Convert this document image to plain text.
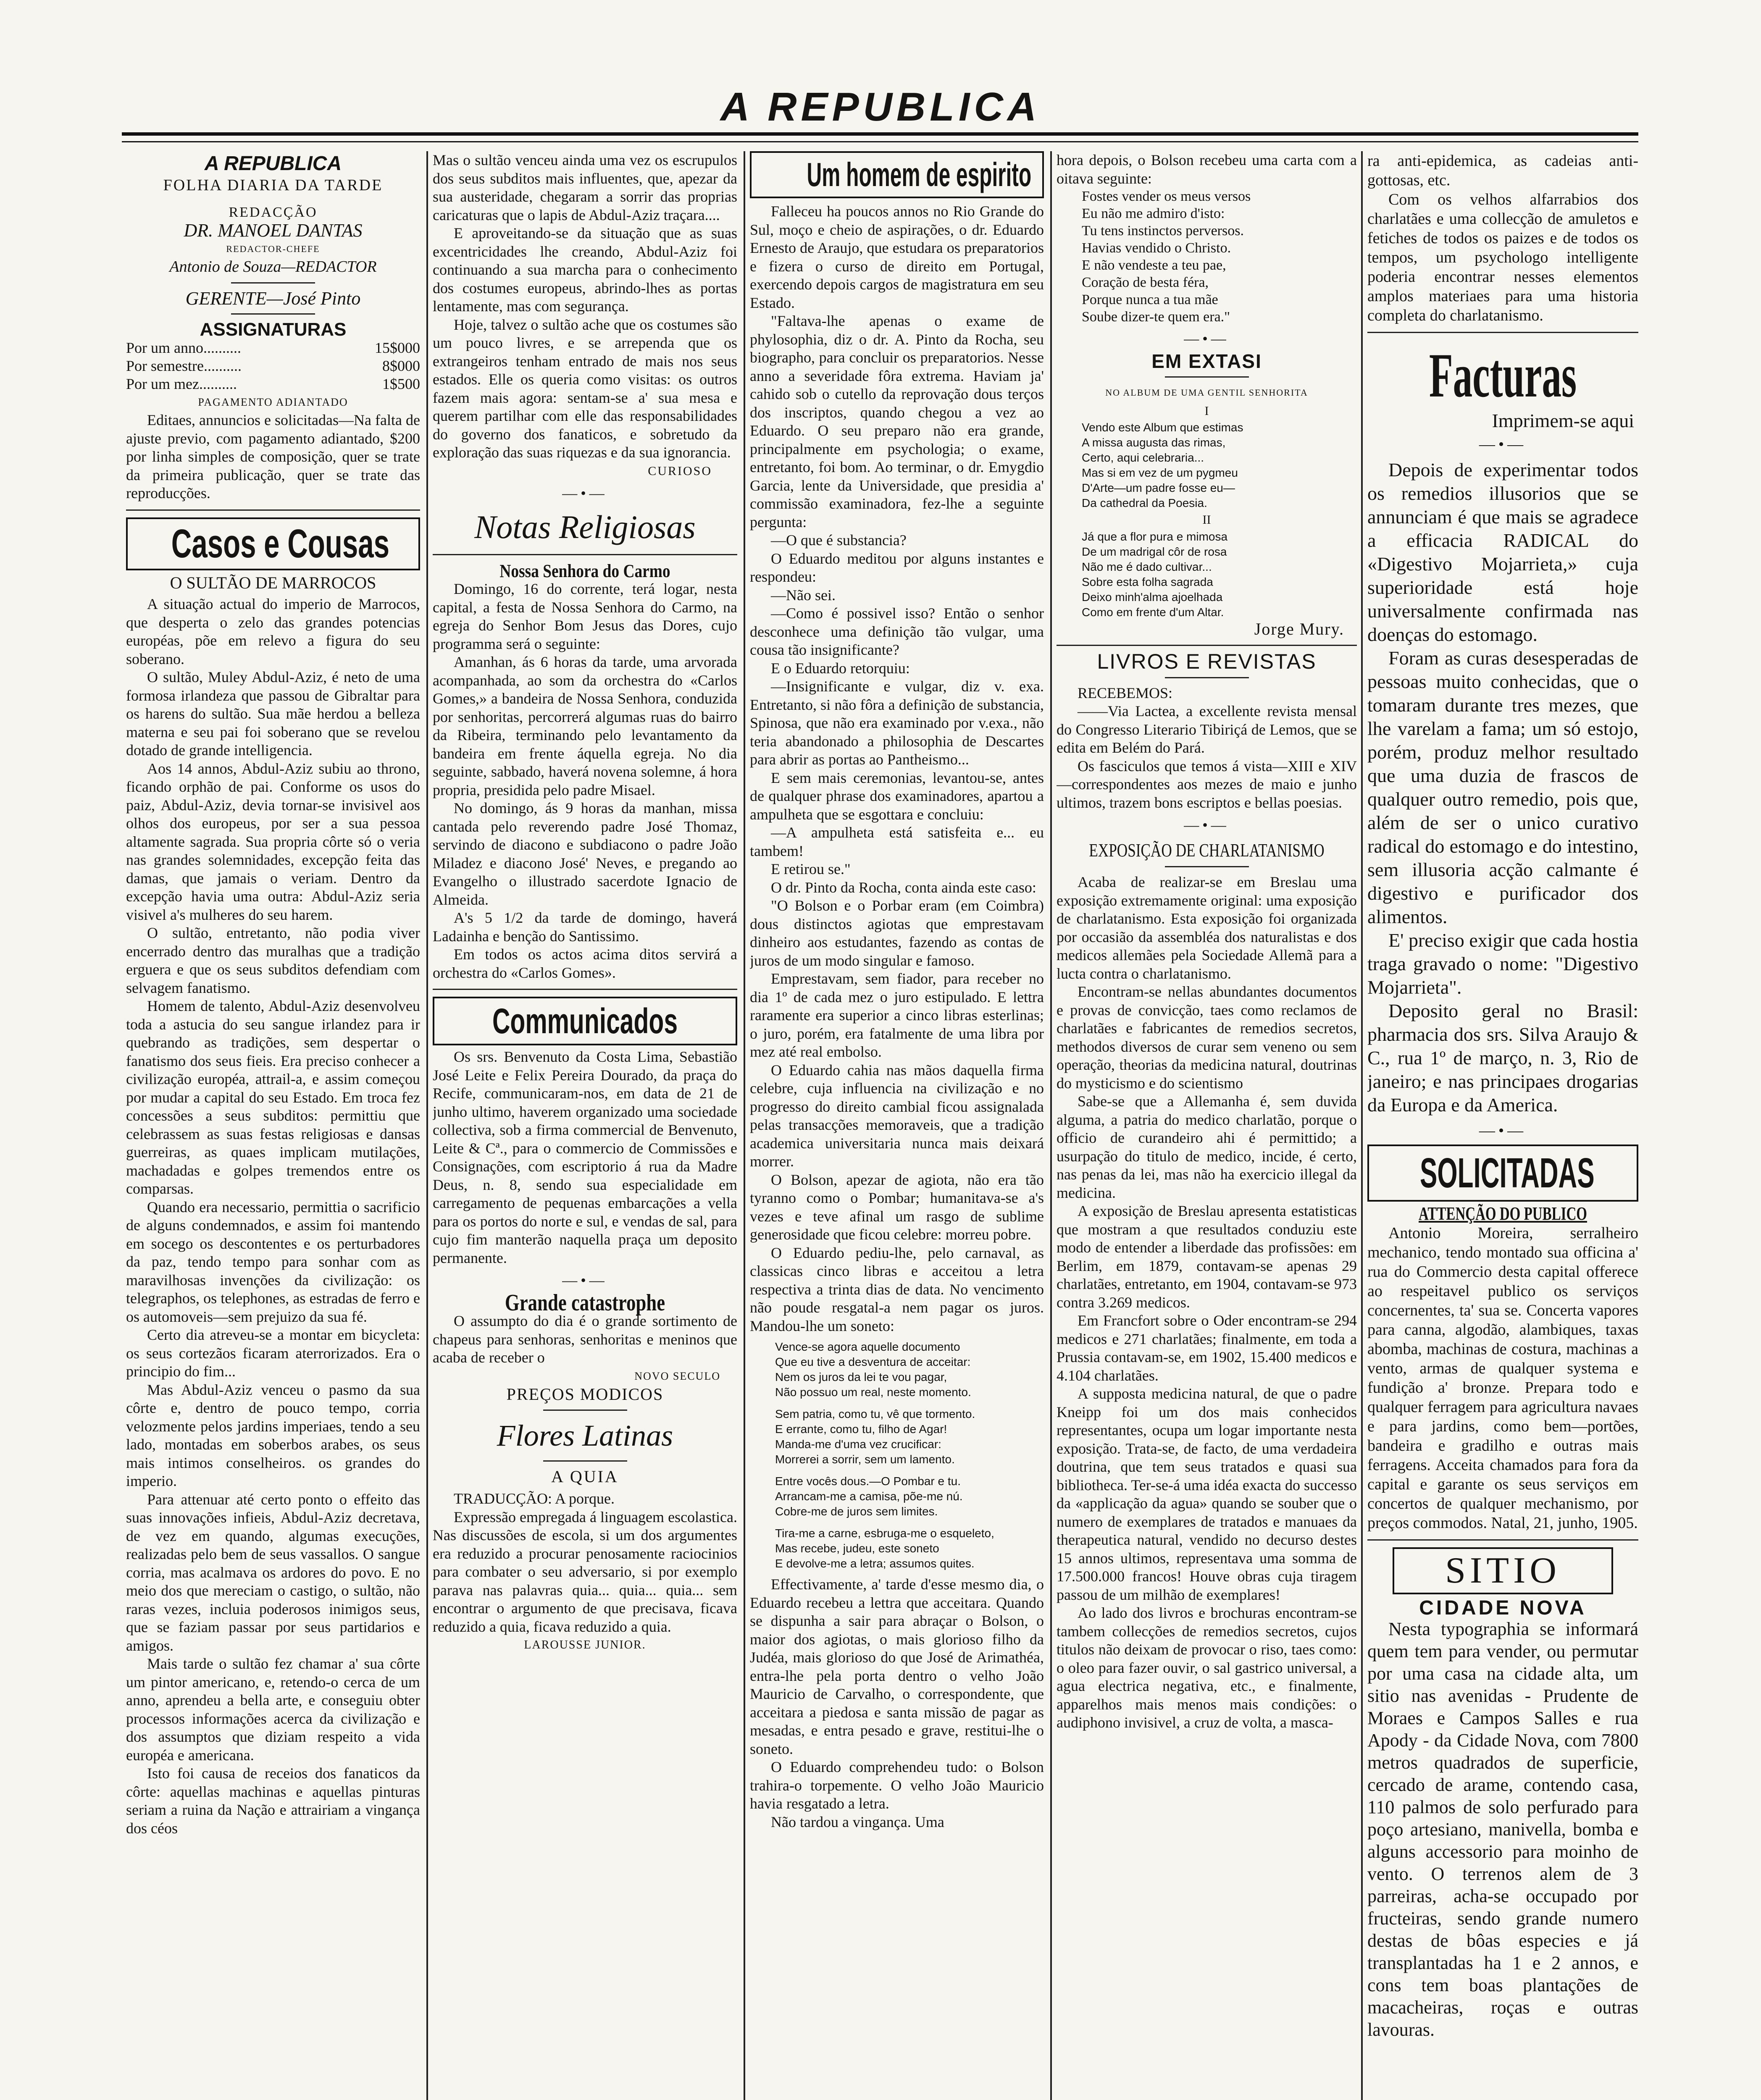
A REPUBLICA
A REPUBLICA
FOLHA DIARIA DA TARDE
REDACÇÃO
DR. MANOEL DANTAS
REDACTOR-CHEFE
Antonio de Souza—REDACTOR
GERENTE—José Pinto
ASSIGNATURAS
Por um anno..........	15$000
Por semestre..........	8$000
Por um mez..........	1$500
PAGAMENTO ADIANTADO

Editaes, annuncios e solicitadas—Na falta de ajuste previo, com pagamento adiantado, $200 por linha simples de composição, quer se trate da primeira publicação, quer se trate das reproducções.

Casos e Cousas
O SULTÃO DE MARROCOS

A situação actual do imperio de Marrocos, que desperta o zelo das grandes potencias européas, põe em relevo a figura do seu soberano.

O sultão, Muley Abdul-Aziz, é neto de uma formosa irlandeza que passou de Gibraltar para os harens do sultão. Sua mãe herdou a belleza materna e seu pai foi soberano que se revelou dotado de grande intelligencia.

Aos 14 annos, Abdul-Aziz subiu ao throno, ficando orphão de pai. Conforme os usos do paiz, Abdul-Aziz, devia tornar-se invisivel aos olhos dos europeus, por ser a sua pessoa altamente sagrada. Sua propria côrte só o veria nas grandes solemnidades, excepção feita das damas, que jamais o veriam. Dentro da excepção havia uma outra: Abdul-Aziz seria visivel a's mulheres do seu harem.

O sultão, entretanto, não podia viver encerrado dentro das muralhas que a tradição erguera e que os seus subditos defendiam com selvagem fanatismo.

Homem de talento, Abdul-Aziz desenvolveu toda a astucia do seu sangue irlandez para ir quebrando as tradições, sem despertar o fanatismo dos seus fieis. Era preciso conhecer a civilização européa, attrail-a, e assim começou por mudar a capital do seu Estado. Em troca fez concessões a seus subditos: permittiu que celebrassem as suas festas religiosas e dansas guerreiras, as quaes implicam mutilações, machadadas e golpes tremendos entre os comparsas.

Quando era necessario, permittia o sacrificio de alguns condemnados, e assim foi mantendo em socego os descontentes e os perturbadores da paz, tendo tempo para sonhar com as maravilhosas invenções da civilização: os telegraphos, os telephones, as estradas de ferro e os automoveis—sem prejuizo da sua fé.

Certo dia atreveu-se a montar em bicycleta: os seus cortezãos ficaram aterrorizados. Era o principio do fim...

Mas Abdul-Aziz venceu o pasmo da sua côrte e, dentro de pouco tempo, corria velozmente pelos jardins imperiaes, tendo a seu lado, montadas em soberbos arabes, os seus mais intimos conselheiros. os grandes do imperio.

Para attenuar até certo ponto o effeito das suas innovações infieis, Abdul-Aziz decretava, de vez em quando, algumas execuções, realizadas pelo bem de seus vassallos. O sangue corria, mas acalmava os ardores do povo. E no meio dos que mereciam o castigo, o sultão, não raras vezes, incluia poderosos inimigos seus, que se faziam passar por seus partidarios e amigos.

Mais tarde o sultão fez chamar a' sua côrte um pintor americano, e, retendo-o cerca de um anno, aprendeu a bella arte, e conseguiu obter processos informações acerca da civilização e dos assumptos que diziam respeito a vida européa e americana.

Isto foi causa de receios dos fanaticos da côrte: aquellas machinas e aquellas pinturas seriam a ruina da Nação e attrairiam a vingança dos céos

Mas o sultão venceu ainda uma vez os escrupulos dos seus subditos mais influentes, que, apezar da sua austeridade, chegaram a sorrir das proprias caricaturas que o lapis de Abdul-Aziz traçara....

E aproveitando-se da situação que as suas excentricidades lhe creando, Abdul-Aziz foi continuando a sua marcha para o conhecimento dos costumes europeus, abrindo-lhes as portas lentamente, mas com segurança.

Hoje, talvez o sultão ache que os costumes são um pouco livres, e se arrependa que os extrangeiros tenham entrado de mais nos seus estados. Elle os queria como visitas: os outros fazem mais agora: sentam-se a' sua mesa e querem partilhar com elle das responsabilidades do governo dos fanaticos, e sobretudo da exploração das suas riquezas e da sua ignorancia.

CURIOSO
—•—
Notas Religiosas
Nossa Senhora do Carmo

Domingo, 16 do corrente, terá logar, nesta capital, a festa de Nossa Senhora do Carmo, na egreja do Senhor Bom Jesus das Dores, cujo programma será o seguinte:

Amanhan, ás 6 horas da tarde, uma arvorada acompanhada, ao som da orchestra do «Carlos Gomes,» a bandeira de Nossa Senhora, conduzida por senhoritas, percorrerá algumas ruas do bairro da Ribeira, terminando pelo levantamento da bandeira em frente áquella egreja. No dia seguinte, sabbado, haverá novena solemne, á hora propria, presidida pelo padre Misael.

No domingo, ás 9 horas da manhan, missa cantada pelo reverendo padre José Thomaz, servindo de diacono e subdiacono o padre João Miladez e diacono José' Neves, e pregando ao Evangelho o illustrado sacerdote Ignacio de Almeida.

A's 5 1/2 da tarde de domingo, haverá Ladainha e benção do Santissimo.

Em todos os actos acima ditos servirá a orchestra do «Carlos Gomes».

Communicados

Os srs. Benvenuto da Costa Lima, Sebastião José Leite e Felix Pereira Dourado, da praça do Recife, communicaram-nos, em data de 21 de junho ultimo, haverem organizado uma sociedade collectiva, sob a firma commercial de Benvenuto, Leite & Cª., para o commercio de Commissões e Consignações, com escriptorio á rua da Madre Deus, n. 8, sendo sua especialidade em carregamento de pequenas embarcações a vella para os portos do norte e sul, e vendas de sal, para cujo fim manterão naquella praça um deposito permanente.

—•—
Grande catastrophe

O assumpto do dia é o grande sortimento de chapeus para senhoras, senhoritas e meninos que acaba de receber o

NOVO SECULO
PREÇOS MODICOS
Flores Latinas
A QUIA

TRADUCÇÃO: A porque.

Expressão empregada á linguagem escolastica. Nas discussões de escola, si um dos argumentes era reduzido a procurar penosamente raciocinios para combater o seu adversario, si por exemplo parava nas palavras quia... quia... quia... sem encontrar o argumento de que precisava, ficava reduzido a quia, ficava reduzido a quia.

LAROUSSE JUNIOR.
Um homem de espirito

Falleceu ha poucos annos no Rio Grande do Sul, moço e cheio de aspirações, o dr. Eduardo Ernesto de Araujo, que estudara os preparatorios e fizera o curso de direito em Portugal, exercendo depois cargos de magistratura em seu Estado.

"Faltava-lhe apenas o exame de phylosophia, diz o dr. A. Pinto da Rocha, seu biographo, para concluir os preparatorios. Nesse anno a severidade fôra extrema. Haviam ja' cahido sob o cutello da reprovação dous terços dos inscriptos, quando chegou a vez ao Eduardo. O seu preparo não era grande, principalmente em psychologia; o exame, entretanto, foi bom. Ao terminar, o dr. Emygdio Garcia, lente da Universidade, que presidia a' commissão examinadora, fez-lhe a seguinte pergunta:

—O que é substancia?

O Eduardo meditou por alguns instantes e respondeu:

—Não sei.

—Como é possivel isso? Então o senhor desconhece uma definição tão vulgar, uma cousa tão insignificante?

E o Eduardo retorquiu:

—Insignificante e vulgar, diz v. exa. Entretanto, si não fôra a definição de substancia, Spinosa, que não era examinado por v.exa., não teria abandonado a philosophia de Descartes para abrir as portas ao Pantheismo...

E sem mais ceremonias, levantou-se, antes de qualquer phrase dos examinadores, apartou a ampulheta que se esgottara e concluiu:

—A ampulheta está satisfeita e... eu tambem!

E retirou se."

O dr. Pinto da Rocha, conta ainda este caso:

"O Bolson e o Porbar eram (em Coimbra) dous distinctos agiotas que emprestavam dinheiro aos estudantes, fazendo as contas de juros de um modo singular e famoso.

Emprestavam, sem fiador, para receber no dia 1º de cada mez o juro estipulado. E lettra raramente era superior a cinco libras esterlinas; o juro, porém, era fatalmente de uma libra por mez até real embolso.

O Eduardo cahia nas mãos daquella firma celebre, cuja influencia na civilização e no progresso do direito cambial ficou assignalada pelas transacções memoraveis, que a tradição academica universitaria nunca mais deixará morrer.

O Bolson, apezar de agiota, não era tão tyranno como o Pombar; humanitava-se a's vezes e teve afinal um rasgo de sublime generosidade que ficou celebre: morreu pobre.

O Eduardo pediu-lhe, pelo carnaval, as classicas cinco libras e acceitou a letra respectiva a trinta dias de data. No vencimento não poude resgatal-a nem pagar os juros. Mandou-lhe um soneto:

Vence-se agora aquelle documento

Que eu tive a desventura de acceitar:

Nem os juros da lei te vou pagar,

Não possuo um real, neste momento.

Sem patria, como tu, vê que tormento.

E errante, como tu, filho de Agar!

Manda-me d'uma vez crucificar:

Morrerei a sorrir, sem um lamento.

Entre vocês dous.—O Pombar e tu.

Arrancam-me a camisa, põe-me nú.

Cobre-me de juros sem limites.

Tira-me a carne, esbruga-me o esqueleto,

Mas recebe, judeu, este soneto

E devolve-me a letra; assumos quites.

Effectivamente, a' tarde d'esse mesmo dia, o Eduardo recebeu a lettra que acceitara. Quando se dispunha a sair para abraçar o Bolson, o maior dos agiotas, o mais glorioso filho da Judéa, mais glorioso do que José de Arimathéa, entra-lhe pela porta dentro o velho João Mauricio de Carvalho, o correspondente, que acceitara a piedosa e santa missão de pagar as mesadas, e entra pesado e grave, restitui-lhe o soneto.

O Eduardo comprehendeu tudo: o Bolson trahira-o torpemente. O velho João Mauricio havia resgatado a letra.

Não tardou a vingança. Uma

hora depois, o Bolson recebeu uma carta com a oitava seguinte:

Fostes vender os meus versos

Eu não me admiro d'isto:

Tu tens instinctos perversos.

Havias vendido o Christo.

E não vendeste a teu pae,

Coração de besta féra,

Porque nunca a tua mãe

Soube dizer-te quem era."

—•—
EM EXTASI
NO ALBUM DE UMA GENTIL SENHORITA
I

Vendo este Album que estimas

A missa augusta das rimas,

Certo, aqui celebraria...

Mas si em vez de um pygmeu

D'Arte—um padre fosse eu—

Da cathedral da Poesia.

II

Já que a flor pura e mimosa

De um madrigal côr de rosa

Não me é dado cultivar...

Sobre esta folha sagrada

Deixo minh'alma ajoelhada

Como em frente d'um Altar.

Jorge Mury.
LIVROS E REVISTAS

RECEBEMOS:

——Via Lactea, a excellente revista mensal do Congresso Literario Tibiriçá de Lemos, que se edita em Belém do Pará.

Os fasciculos que temos á vista—XIII e XIV—correspondentes aos mezes de maio e junho ultimos, trazem bons escriptos e bellas poesias.

—•—
EXPOSIÇÃO DE CHARLATANISMO

Acaba de realizar-se em Breslau uma exposição extremamente original: uma exposição de charlatanismo. Esta exposição foi organizada por occasião da assembléa dos naturalistas e dos medicos allemães pela Sociedade Allemã para a lucta contra o charlatanismo.

Encontram-se nellas abundantes documentos e provas de convicção, taes como reclamos de charlatães e fabricantes de remedios secretos, methodos diversos de curar sem veneno ou sem operação, theorias da medicina natural, doutrinas do mysticismo e do scientismo

Sabe-se que a Allemanha é, sem duvida alguma, a patria do medico charlatão, porque o officio de curandeiro ahi é permittido; a usurpação do titulo de medico, incide, é certo, nas penas da lei, mas não ha exercicio illegal da medicina.

A exposição de Breslau apresenta estatisticas que mostram a que resultados conduziu este modo de entender a liberdade das profissões: em Berlim, em 1879, contavam-se apenas 29 charlatães, entretanto, em 1904, contavam-se 973 contra 3.269 medicos.

Em Francfort sobre o Oder encontram-se 294 medicos e 271 charlatães; finalmente, em toda a Prussia contavam-se, em 1902, 15.400 medicos e 4.104 charlatães.

A supposta medicina natural, de que o padre Kneipp foi um dos mais conhecidos representantes, ocupa um logar importante nesta exposição. Trata-se, de facto, de uma verdadeira doutrina, que tem seus tratados e quasi sua bibliotheca. Ter-se-á uma idéa exacta do successo da «applicação da agua» quando se souber que o numero de exemplares de tratados e manuaes da therapeutica natural, vendido no decurso destes 15 annos ultimos, representava uma somma de 17.500.000 francos! Houve obras cuja tiragem passou de um milhão de exemplares!

Ao lado dos livros e brochuras encontram-se tambem collecções de remedios secretos, cujos titulos não deixam de provocar o riso, taes como: o oleo para fazer ouvir, o sal gastrico universal, a agua electrica negativa, etc., e finalmente, apparelhos mais menos mais condições: o audiphono invisivel, a cruz de volta, a masca-

ra anti-epidemica, as cadeias anti-gottosas, etc.

Com os velhos alfarrabios dos charlatães e uma collecção de amuletos e fetiches de todos os paizes e de todos os tempos, um psychologo intelligente poderia encontrar nesses elementos amplos materiaes para uma historia completa do charlatanismo.

Facturas
Imprimem-se aqui
—•—

Depois de experimentar todos os remedios illusorios que se annunciam é que mais se agradece a efficacia RADICAL do «Digestivo Mojarrieta,» cuja superioridade está hoje universalmente confirmada nas doenças do estomago.

Foram as curas desesperadas de pessoas muito conhecidas, que o tomaram durante tres mezes, que lhe varelam a fama; um só estojo, porém, produz melhor resultado que uma duzia de frascos de qualquer outro remedio, pois que, além de ser o unico curativo radical do estomago e do intestino, sem illusoria acção calmante é digestivo e purificador dos alimentos.

E' preciso exigir que cada hostia traga gravado o nome: "Digestivo Mojarrieta".

Deposito geral no Brasil: pharmacia dos srs. Silva Araujo & C., rua 1º de março, n. 3, Rio de janeiro; e nas principaes drogarias da Europa e da America.

—•—
SOLICITADAS
ATTENÇÃO DO PUBLICO

Antonio Moreira, serralheiro mechanico, tendo montado sua officina a' rua do Commercio desta capital offerece ao respeitavel publico os serviços concernentes, ta' sua se. Concerta vapores para canna, algodão, alambiques, taxas abomba, machinas de costura, machinas a vento, armas de qualquer systema e fundição a' bronze. Prepara todo e qualquer ferragem para agricultura navaes e para jardins, como bem—portões, bandeira e gradilho e outras mais ferragens. Acceita chamados para fora da capital e garante os seus serviços em concertos de qualquer mechanismo, por preços commodos. Natal, 21, junho, 1905.

SITIO
CIDADE NOVA

Nesta typographia se informará quem tem para vender, ou permutar por uma casa na cidade alta, um sitio nas avenidas - Prudente de Moraes e Campos Salles e rua Apody - da Cidade Nova, com 7800 metros quadrados de superficie, cercado de arame, contendo casa, 110 palmos de solo perfurado para poço artesiano, manivella, bomba e alguns accessorio para moinho de vento. O terrenos alem de 3 parreiras, acha-se occupado por fructeiras, sendo grande numero destas de bôas especies e já transplantadas ha 1 e 2 annos, e cons tem boas plantações de macacheiras, roças e outras lavouras.
